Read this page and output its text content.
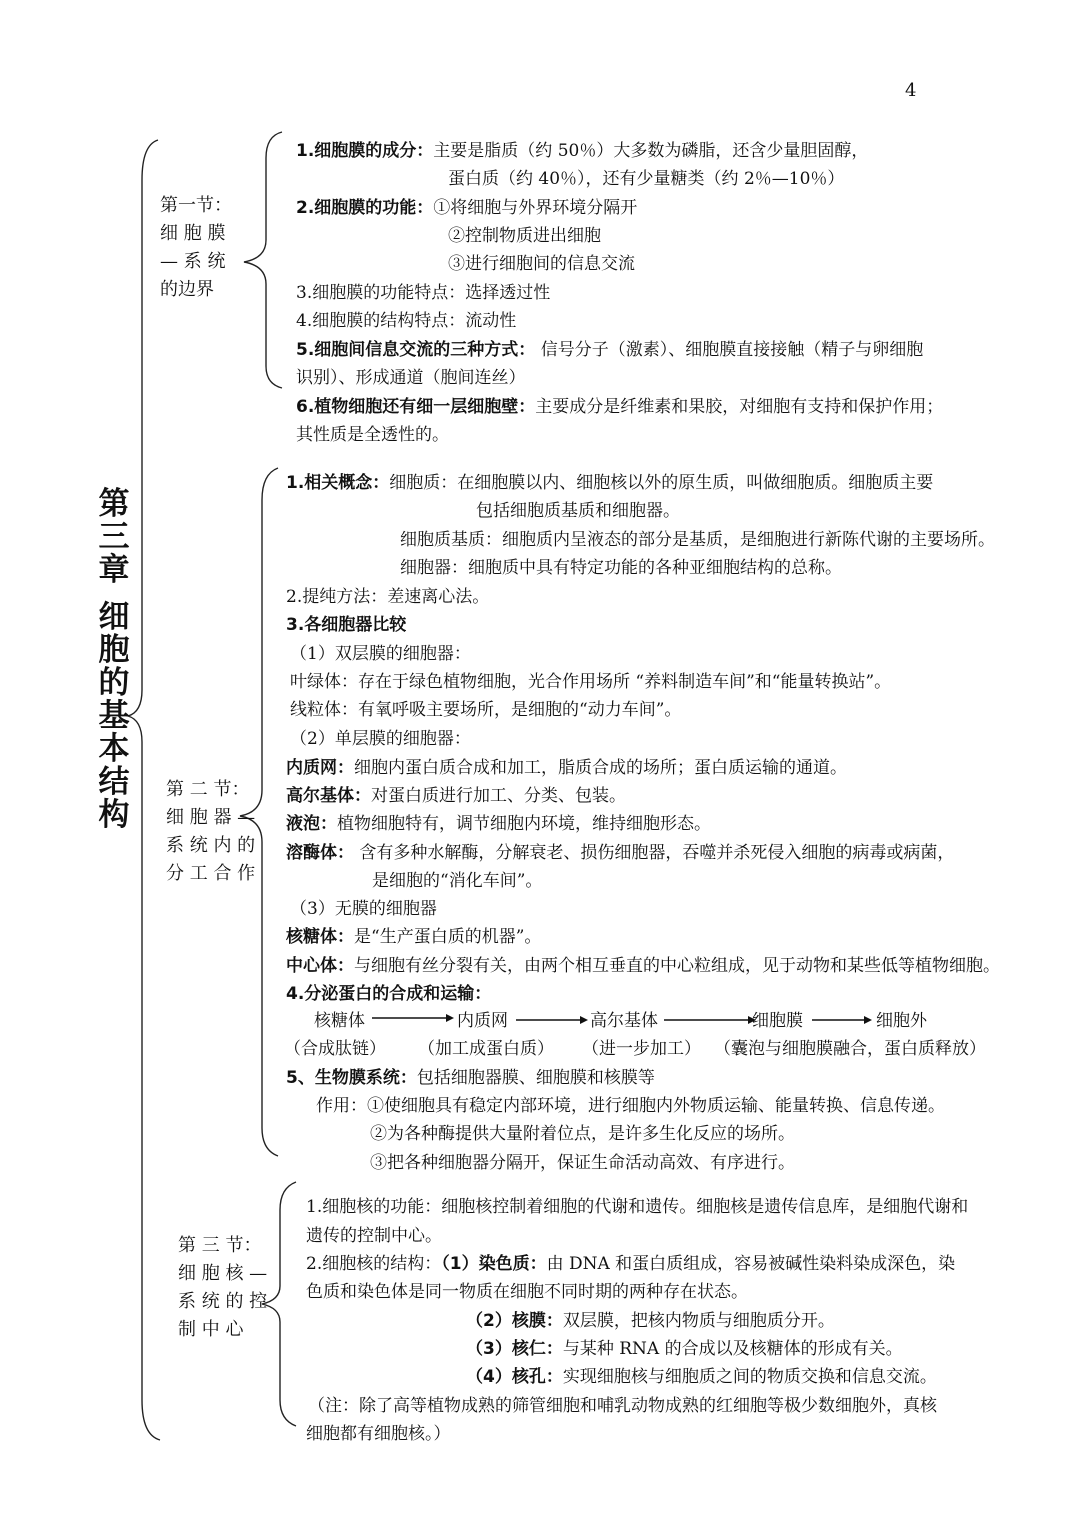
4
第
三
章
细
胞
的
基
本
结
构
第一节：
细 胞 膜
— 系 统
的边界
1.细胞膜的成分：主要是脂质（约 50％）大多数为磷脂，还含少量胆固醇，
蛋白质（约 40％），还有少量糖类（约 2％—10％）
2.细胞膜的功能：①将细胞与外界环境分隔开
②控制物质进出细胞
③进行细胞间的信息交流
3.细胞膜的功能特点：选择透过性
4.细胞膜的结构特点：流动性
5.细胞间信息交流的三种方式： 信号分子（激素）、细胞膜直接接触（精子与卵细胞
识别）、形成通道（胞间连丝）
6.植物细胞还有细一层细胞壁：主要成分是纤维素和果胶，对细胞有支持和保护作用；
其性质是全透性的。
第 二 节：
细 胞 器 —
系 统 内 的
分 工 合 作
1.相关概念：细胞质：在细胞膜以内、细胞核以外的原生质，叫做细胞质。细胞质主要
包括细胞质基质和细胞器。
细胞质基质：细胞质内呈液态的部分是基质，是细胞进行新陈代谢的主要场所。
细胞器：细胞质中具有特定功能的各种亚细胞结构的总称。
2.提纯方法：差速离心法。
3.各细胞器比较
（1）双层膜的细胞器：
叶绿体：存在于绿色植物细胞，光合作用场所 “养料制造车间”和“能量转换站”。
线粒体：有氧呼吸主要场所，是细胞的“动力车间”。
（2）单层膜的细胞器：
内质网：细胞内蛋白质合成和加工，脂质合成的场所；蛋白质运输的通道。
高尔基体：对蛋白质进行加工、分类、包装。
液泡：植物细胞特有，调节细胞内环境，维持细胞形态。
溶酶体： 含有多种水解酶，分解衰老、损伤细胞器，吞噬并杀死侵入细胞的病毒或病菌，
是细胞的“消化车间”。
（3）无膜的细胞器
核糖体：是“生产蛋白质的机器”。
中心体：与细胞有丝分裂有关，由两个相互垂直的中心粒组成，见于动物和某些低等植物细胞。
4.分泌蛋白的合成和运输：
核糖体	内质网	高尔基体	细胞膜	细胞外
（合成肽链） （加工成蛋白质） （进一步加工） （囊泡与细胞膜融合，蛋白质释放）
5、生物膜系统：包括细胞器膜、细胞膜和核膜等
作用：①使细胞具有稳定内部环境，进行细胞内外物质运输、能量转换、信息传递。
②为各种酶提供大量附着位点，是许多生化反应的场所。
③把各种细胞器分隔开，保证生命活动高效、有序进行。
第 三 节：
细 胞 核 —
系 统 的 控
制 中 心
1.细胞核的功能：细胞核控制着细胞的代谢和遗传。细胞核是遗传信息库，是细胞代谢和
遗传的控制中心。
2.细胞核的结构：（1）染色质：由 DNA 和蛋白质组成，容易被碱性染料染成深色，染
色质和染色体是同一物质在细胞不同时期的两种存在状态。
（2）核膜：双层膜，把核内物质与细胞质分开。
（3）核仁：与某种 RNA 的合成以及核糖体的形成有关。
（4）核孔：实现细胞核与细胞质之间的物质交换和信息交流。
（注：除了高等植物成熟的筛管细胞和哺乳动物成熟的红细胞等极少数细胞外，真核
细胞都有细胞核。）
